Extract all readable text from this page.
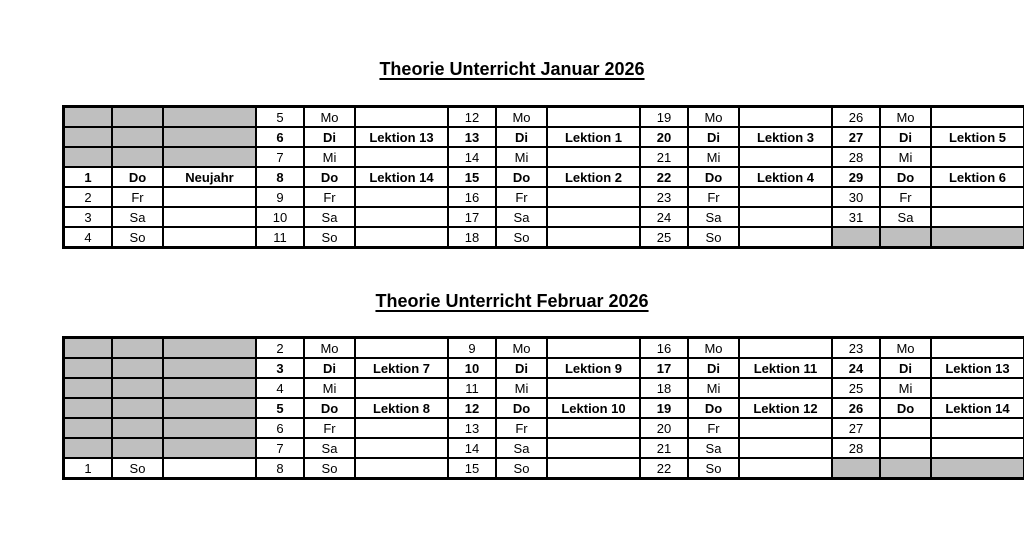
Theorie Unterricht Januar 2026
			5	Mo		12	Mo		19	Mo		26	Mo	
			6	Di	Lektion 13	13	Di	Lektion 1	20	Di	Lektion 3	27	Di	Lektion 5
			7	Mi		14	Mi		21	Mi		28	Mi	
1	Do	Neujahr	8	Do	Lektion 14	15	Do	Lektion 2	22	Do	Lektion 4	29	Do	Lektion 6
2	Fr		9	Fr		16	Fr		23	Fr		30	Fr	
3	Sa		10	Sa		17	Sa		24	Sa		31	Sa	
4	So		11	So		18	So		25	So				
Theorie Unterricht Februar 2026
			2	Mo		9	Mo		16	Mo		23	Mo	
			3	Di	Lektion 7	10	Di	Lektion 9	17	Di	Lektion 11	24	Di	Lektion 13
			4	Mi		11	Mi		18	Mi		25	Mi	
			5	Do	Lektion 8	12	Do	Lektion 10	19	Do	Lektion 12	26	Do	Lektion 14
			6	Fr		13	Fr		20	Fr		27		
			7	Sa		14	Sa		21	Sa		28		
1	So		8	So		15	So		22	So				
